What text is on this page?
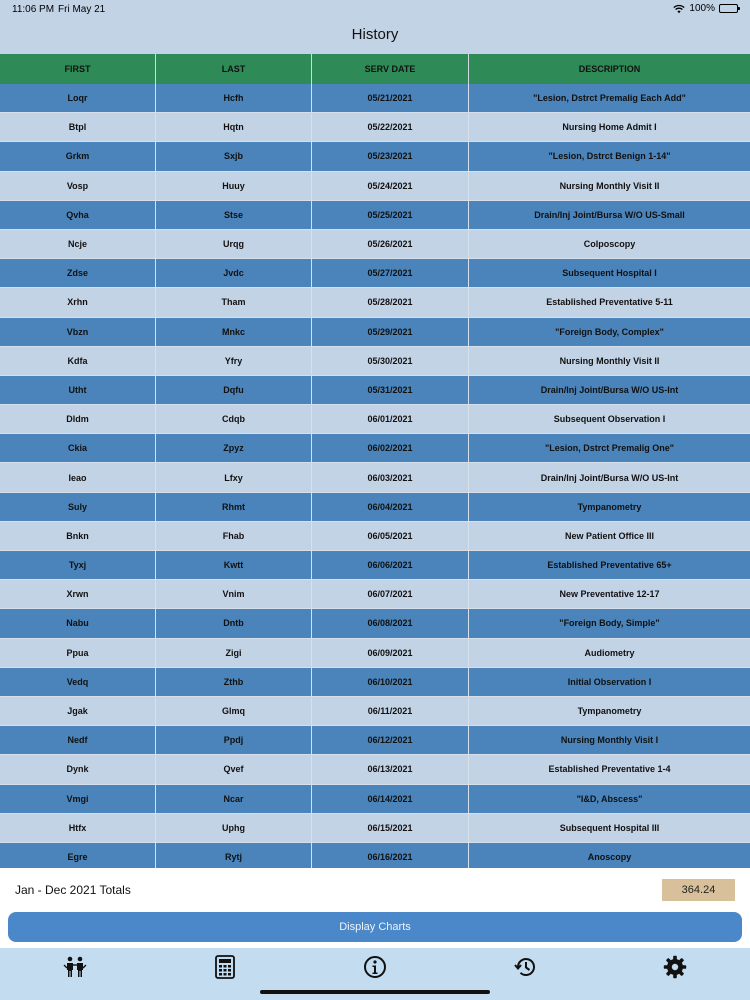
11:06 PM Fri May 21	100%
History
FIRST	LAST	SERV DATE	DESCRIPTION
Loqr	Hcfh	05/21/2021	"Lesion, Dstrct Premalig Each Add"
Btpl	Hqtn	05/22/2021	Nursing Home Admit I
Grkm	Sxjb	05/23/2021	"Lesion, Dstrct Benign 1-14"
Vosp	Huuy	05/24/2021	Nursing Monthly Visit II
Qvha	Stse	05/25/2021	Drain/Inj Joint/Bursa W/O US-Small
Ncje	Urqg	05/26/2021	Colposcopy
Zdse	Jvdc	05/27/2021	Subsequent Hospital I
Xrhn	Tham	05/28/2021	Established Preventative 5-11
Vbzn	Mnkc	05/29/2021	"Foreign Body, Complex"
Kdfa	Yfry	05/30/2021	Nursing Monthly Visit II
Utht	Dqfu	05/31/2021	Drain/Inj Joint/Bursa W/O US-Int
Dldm	Cdqb	06/01/2021	Subsequent Observation I
Ckia	Zpyz	06/02/2021	"Lesion, Dstrct Premalig One"
Ieao	Lfxy	06/03/2021	Drain/Inj Joint/Bursa W/O US-Int
Suly	Rhmt	06/04/2021	Tympanometry
Bnkn	Fhab	06/05/2021	New Patient Office III
Tyxj	Kwtt	06/06/2021	Established Preventative 65+
Xrwn	Vnim	06/07/2021	New Preventative 12-17
Nabu	Dntb	06/08/2021	"Foreign Body, Simple"
Ppua	Zigi	06/09/2021	Audiometry
Vedq	Zthb	06/10/2021	Initial Observation I
Jgak	Glmq	06/11/2021	Tympanometry
Nedf	Ppdj	06/12/2021	Nursing Monthly Visit I
Dynk	Qvef	06/13/2021	Established Preventative 1-4
Vmgi	Ncar	06/14/2021	"I&D, Abscess"
Htfx	Uphg	06/15/2021	Subsequent Hospital III
Egre	Rytj	06/16/2021	Anoscopy
Jan - Dec 2021 Totals	364.24
Display Charts
